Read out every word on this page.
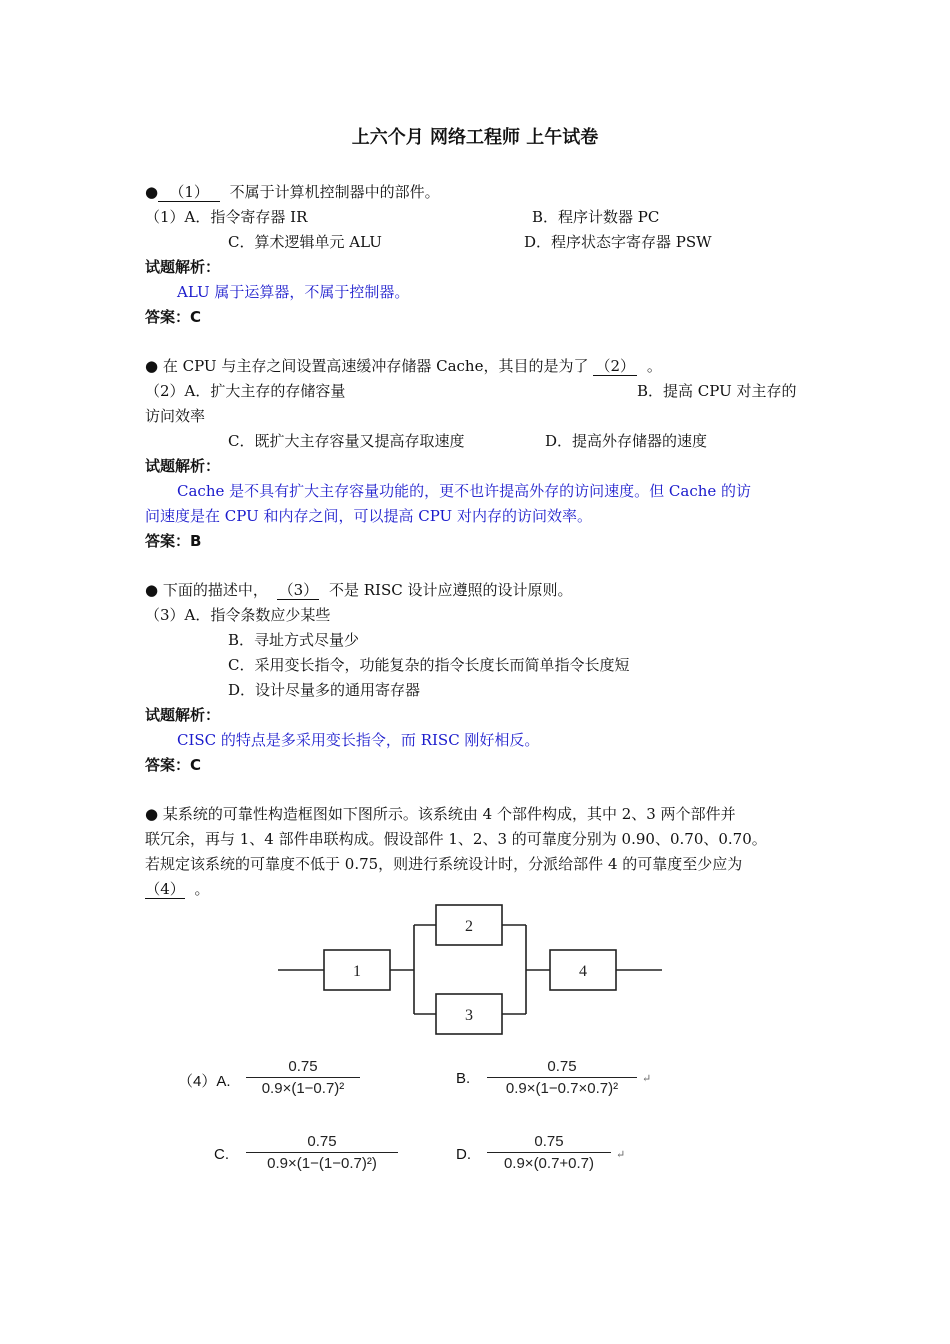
上六个月 网络工程师 上午试卷
● （1） 不属于计算机控制器中的部件。
（1）A．指令寄存器 IR	B．程序计数器 PC
C．算术逻辑单元 ALU	D．程序状态字寄存器 PSW
试题解析：
ALU 属于运算器，不属于控制器。
答案：C
● 在 CPU 与主存之间设置高速缓冲存储器 Cache，其目的是为了 （2） 。
（2）A．扩大主存的存储容量	B．提高 CPU 对主存的
访问效率
C．既扩大主存容量又提高存取速度	D．提高外存储器的速度
试题解析：
Cache 是不具有扩大主存容量功能的，更不也许提高外存的访问速度。但 Cache 的访
问速度是在 CPU 和内存之间，可以提高 CPU 对内存的访问效率。
答案：B
● 下面的描述中， （3） 不是 RISC 设计应遵照的设计原则。
（3）A．指令条数应少某些
B．寻址方式尽量少
C．采用变长指令，功能复杂的指令长度长而简单指令长度短
D．设计尽量多的通用寄存器
试题解析：
CISC 的特点是多采用变长指令，而 RISC 刚好相反。
答案：C
● 某系统的可靠性构造框图如下图所示。该系统由 4 个部件构成，其中 2、3 两个部件并
联冗余，再与 1、4 部件串联构成。假设部件 1、2、3 的可靠度分别为 0.90、0.70、0.70。
若规定该系统的可靠度不低于 0.75，则进行系统设计时，分派给部件 4 的可靠度至少应为
（4） 。
1
2
3
4
（4）A.
0.75
0.9×(1−0.7)²
B.
0.75
0.9×(1−0.7×0.7)²
↵
C.
0.75
0.9×(1−(1−0.7)²)
D.
0.75
0.9×(0.7+0.7)
↵
